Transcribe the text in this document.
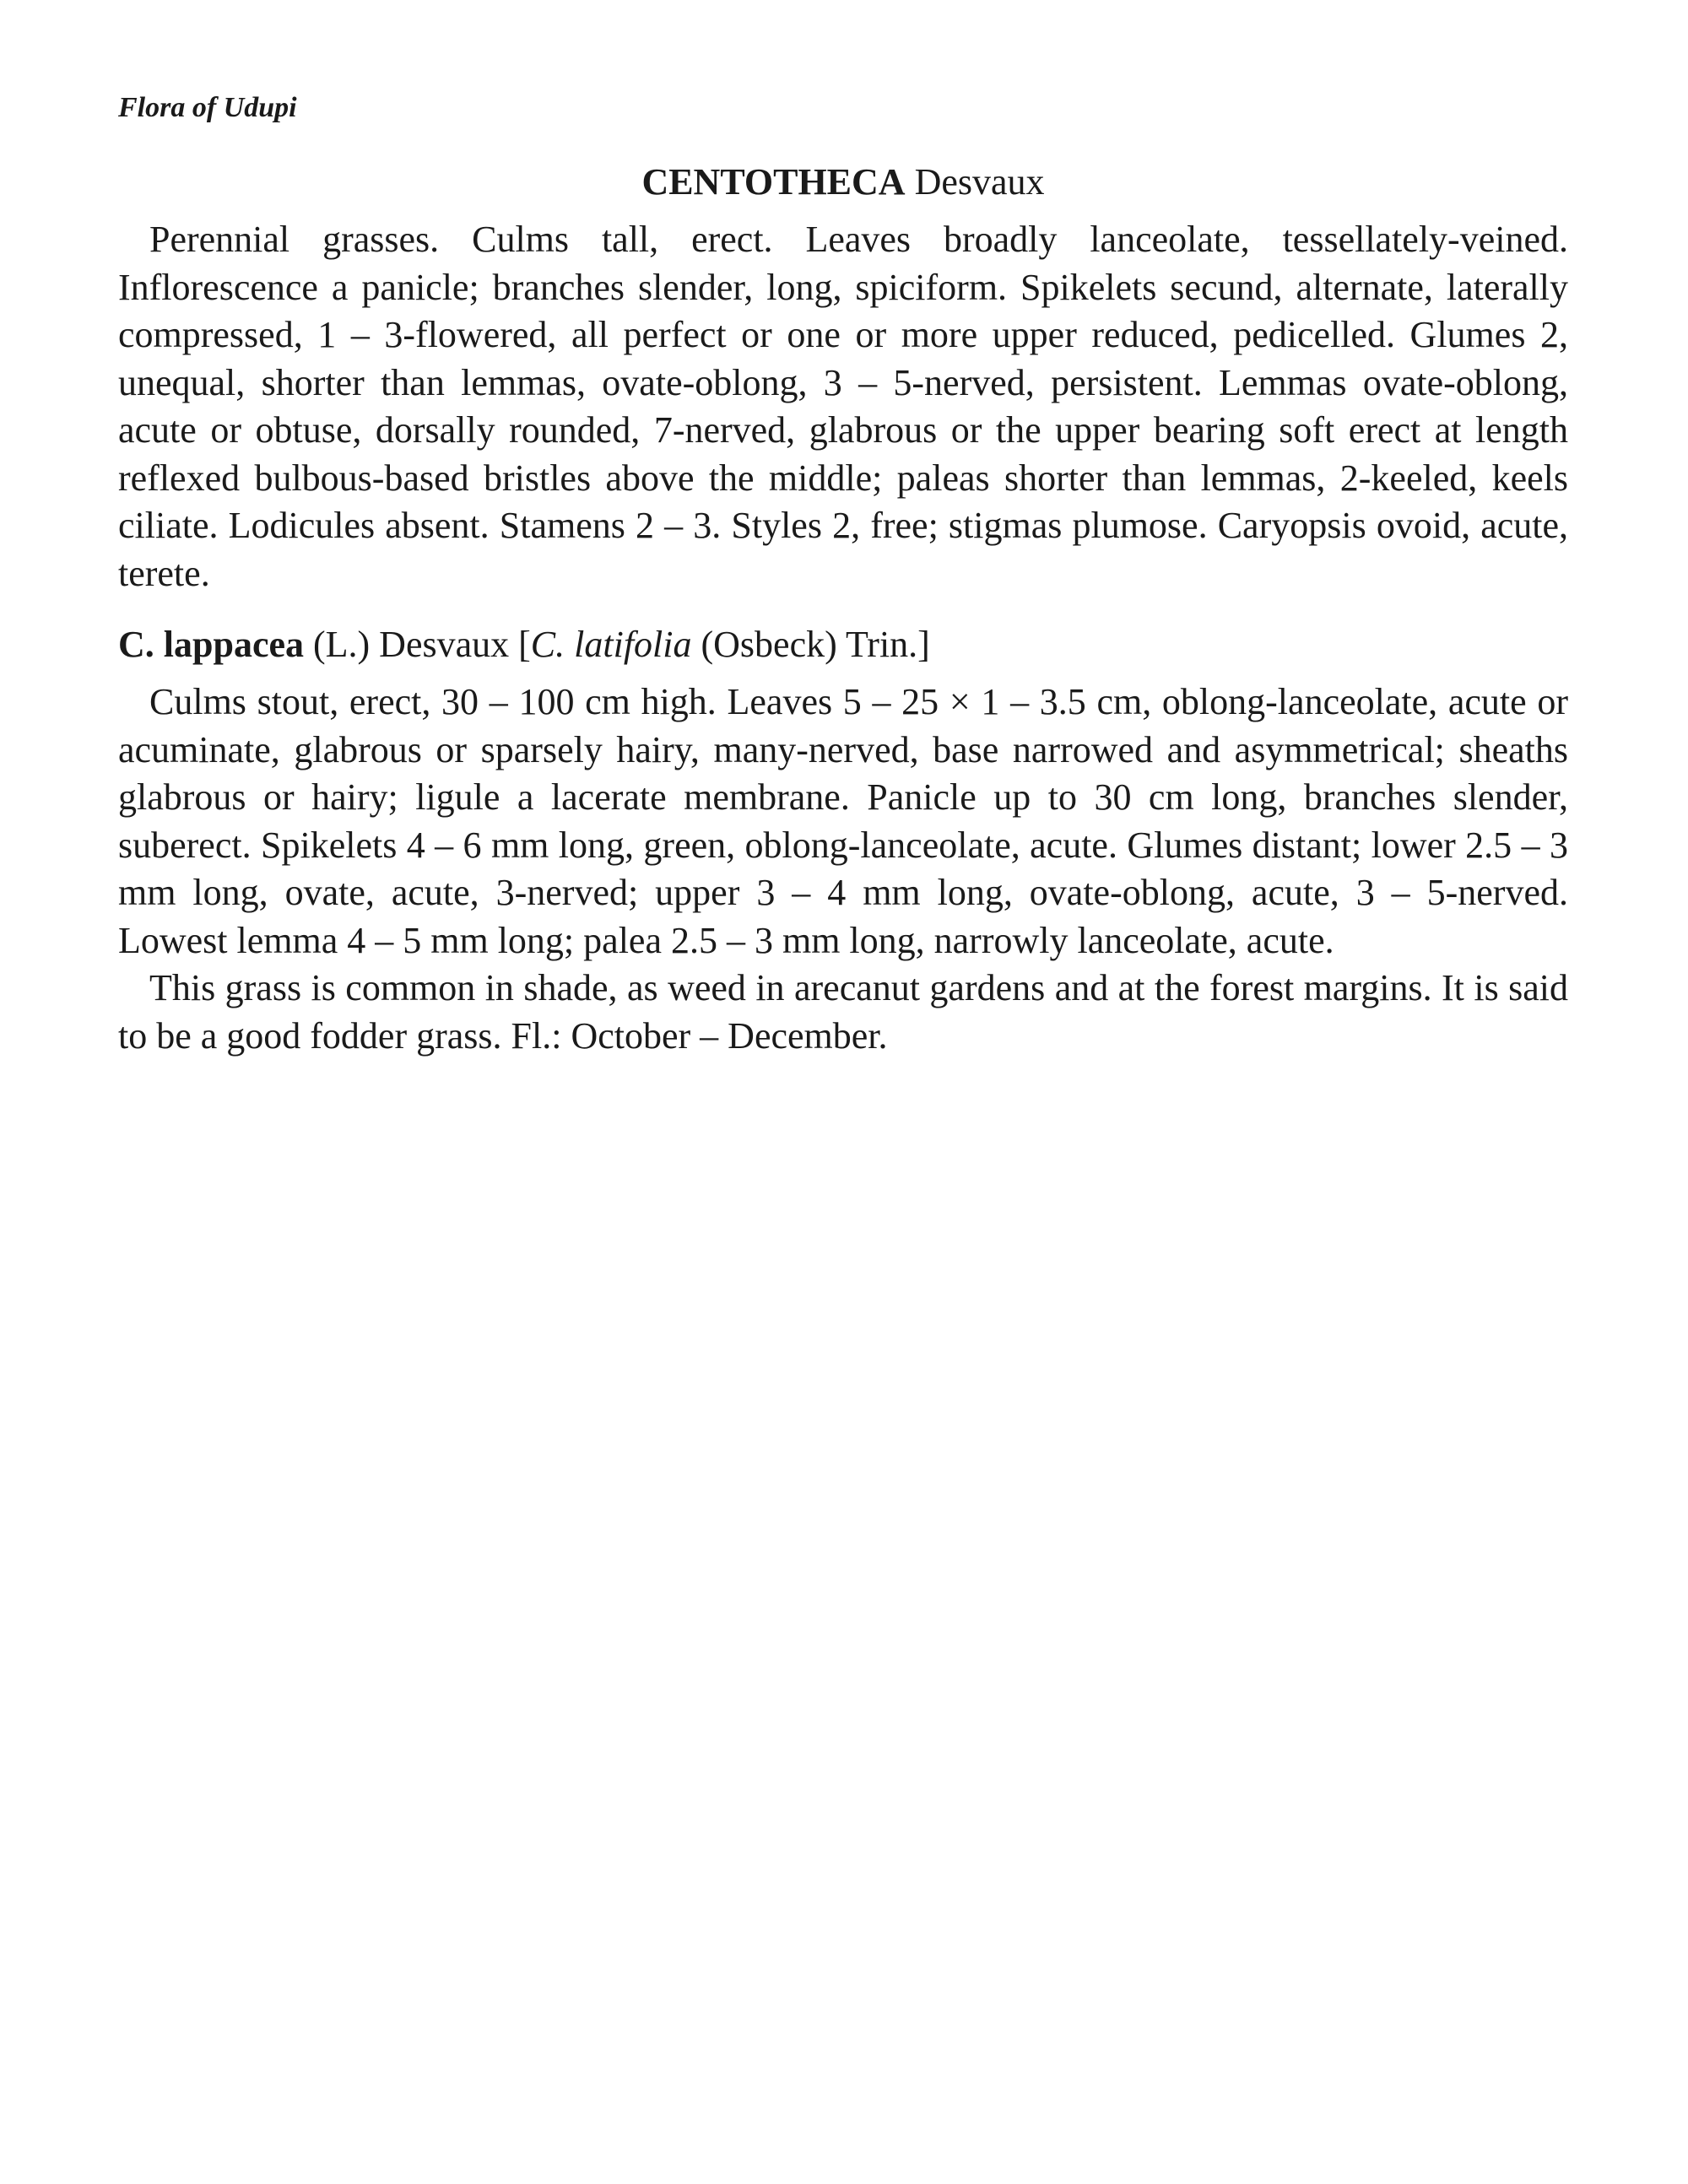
Flora of Udupi
CENTOTHECA Desvaux

Perennial grasses. Culms tall, erect. Leaves broadly lanceolate, tessellately-veined. Inflorescence a panicle; branches slender, long, spiciform. Spikelets secund, alternate, laterally compressed, 1 – 3-flowered, all perfect or one or more upper reduced, pedicelled. Glumes 2, unequal, shorter than lemmas, ovate-oblong, 3 – 5-nerved, persistent. Lemmas ovate-oblong, acute or obtuse, dorsally rounded, 7-nerved, glabrous or the upper bearing soft erect at length reflexed bulbous-based bristles above the middle; paleas shorter than lemmas, 2-keeled, keels ciliate. Lodicules absent. Stamens 2 – 3. Styles 2, free; stigmas plumose. Caryopsis ovoid, acute, terete.

C. lappacea (L.) Desvaux [C. latifolia (Osbeck) Trin.]

Culms stout, erect, 30 – 100 cm high. Leaves 5 – 25 × 1 – 3.5 cm, oblong-lanceolate, acute or acuminate, glabrous or sparsely hairy, many-nerved, base narrowed and asymmetrical; sheaths glabrous or hairy; ligule a lacerate membrane. Panicle up to 30 cm long, branches slender, suberect. Spikelets 4 – 6 mm long, green, oblong-lanceolate, acute. Glumes distant; lower 2.5 – 3 mm long, ovate, acute, 3-nerved; upper 3 – 4 mm long, ovate-oblong, acute, 3 – 5-nerved. Lowest lemma 4 – 5 mm long; palea 2.5 – 3 mm long, narrowly lanceolate, acute.

This grass is common in shade, as weed in arecanut gardens and at the forest margins. It is said to be a good fodder grass. Fl.: October – December.
